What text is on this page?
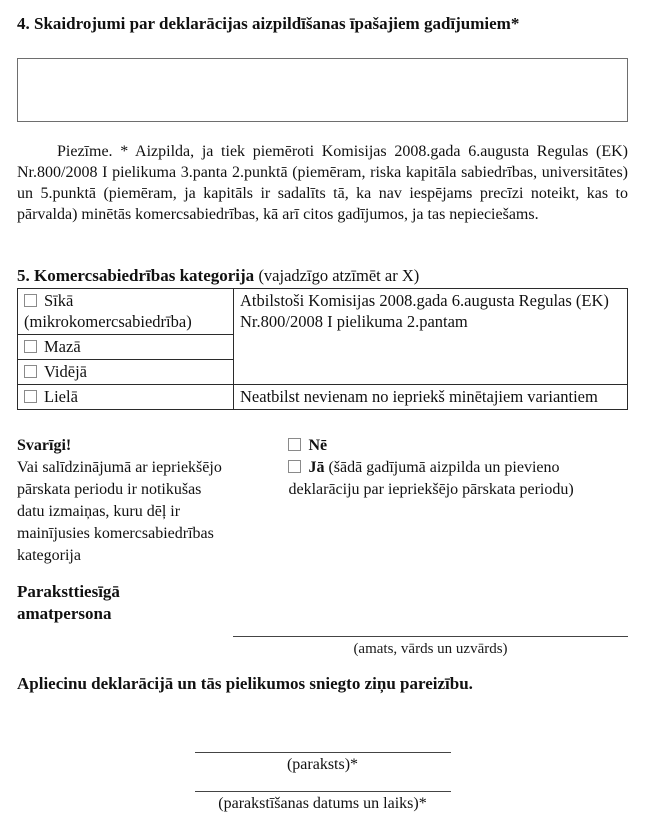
4. Skaidrojumi par deklarācijas aizpildīšanas īpašajiem gadījumiem*

Piezīme. * Aizpilda, ja tiek piemēroti Komisijas 2008.gada 6.augusta Regulas (EK) Nr.800/2008 I pielikuma 3.panta 2.punktā (piemēram, riska kapitāla sabiedrības, universitātes) un 5.punktā (piemēram, ja kapitāls ir sadalīts tā, ka nav iespējams precīzi noteikt, kas to pārvalda) minētās komercsabiedrības, kā arī citos gadījumos, ja tas nepieciešams.

5. Komercsabiedrības kategorija (vajadzīgo atzīmēt ar X)
Sīkā (mikrokomercsabiedrība)	Atbilstoši Komisijas 2008.gada 6.augusta Regulas (EK) Nr.800/2008 I pielikuma 2.pantam
Mazā	
Vidējā	
Lielā	Neatbilst nevienam no iepriekš minētajiem variantiem
Svarīgi!
Vai salīdzinājumā ar iepriekšējo pārskata periodu ir notikušas datu izmaiņas, kuru dēļ ir mainījusies komercsabiedrības kategorija
Nē
Jā (šādā gadījumā aizpilda un pievieno deklarāciju par iepriekšējo pārskata periodu)
Paraksttiesīgā amatpersona
(amats, vārds un uzvārds)
Apliecinu deklarācijā un tās pielikumos sniegto ziņu pareizību.
(paraksts)*
(parakstīšanas datums un laiks)*
